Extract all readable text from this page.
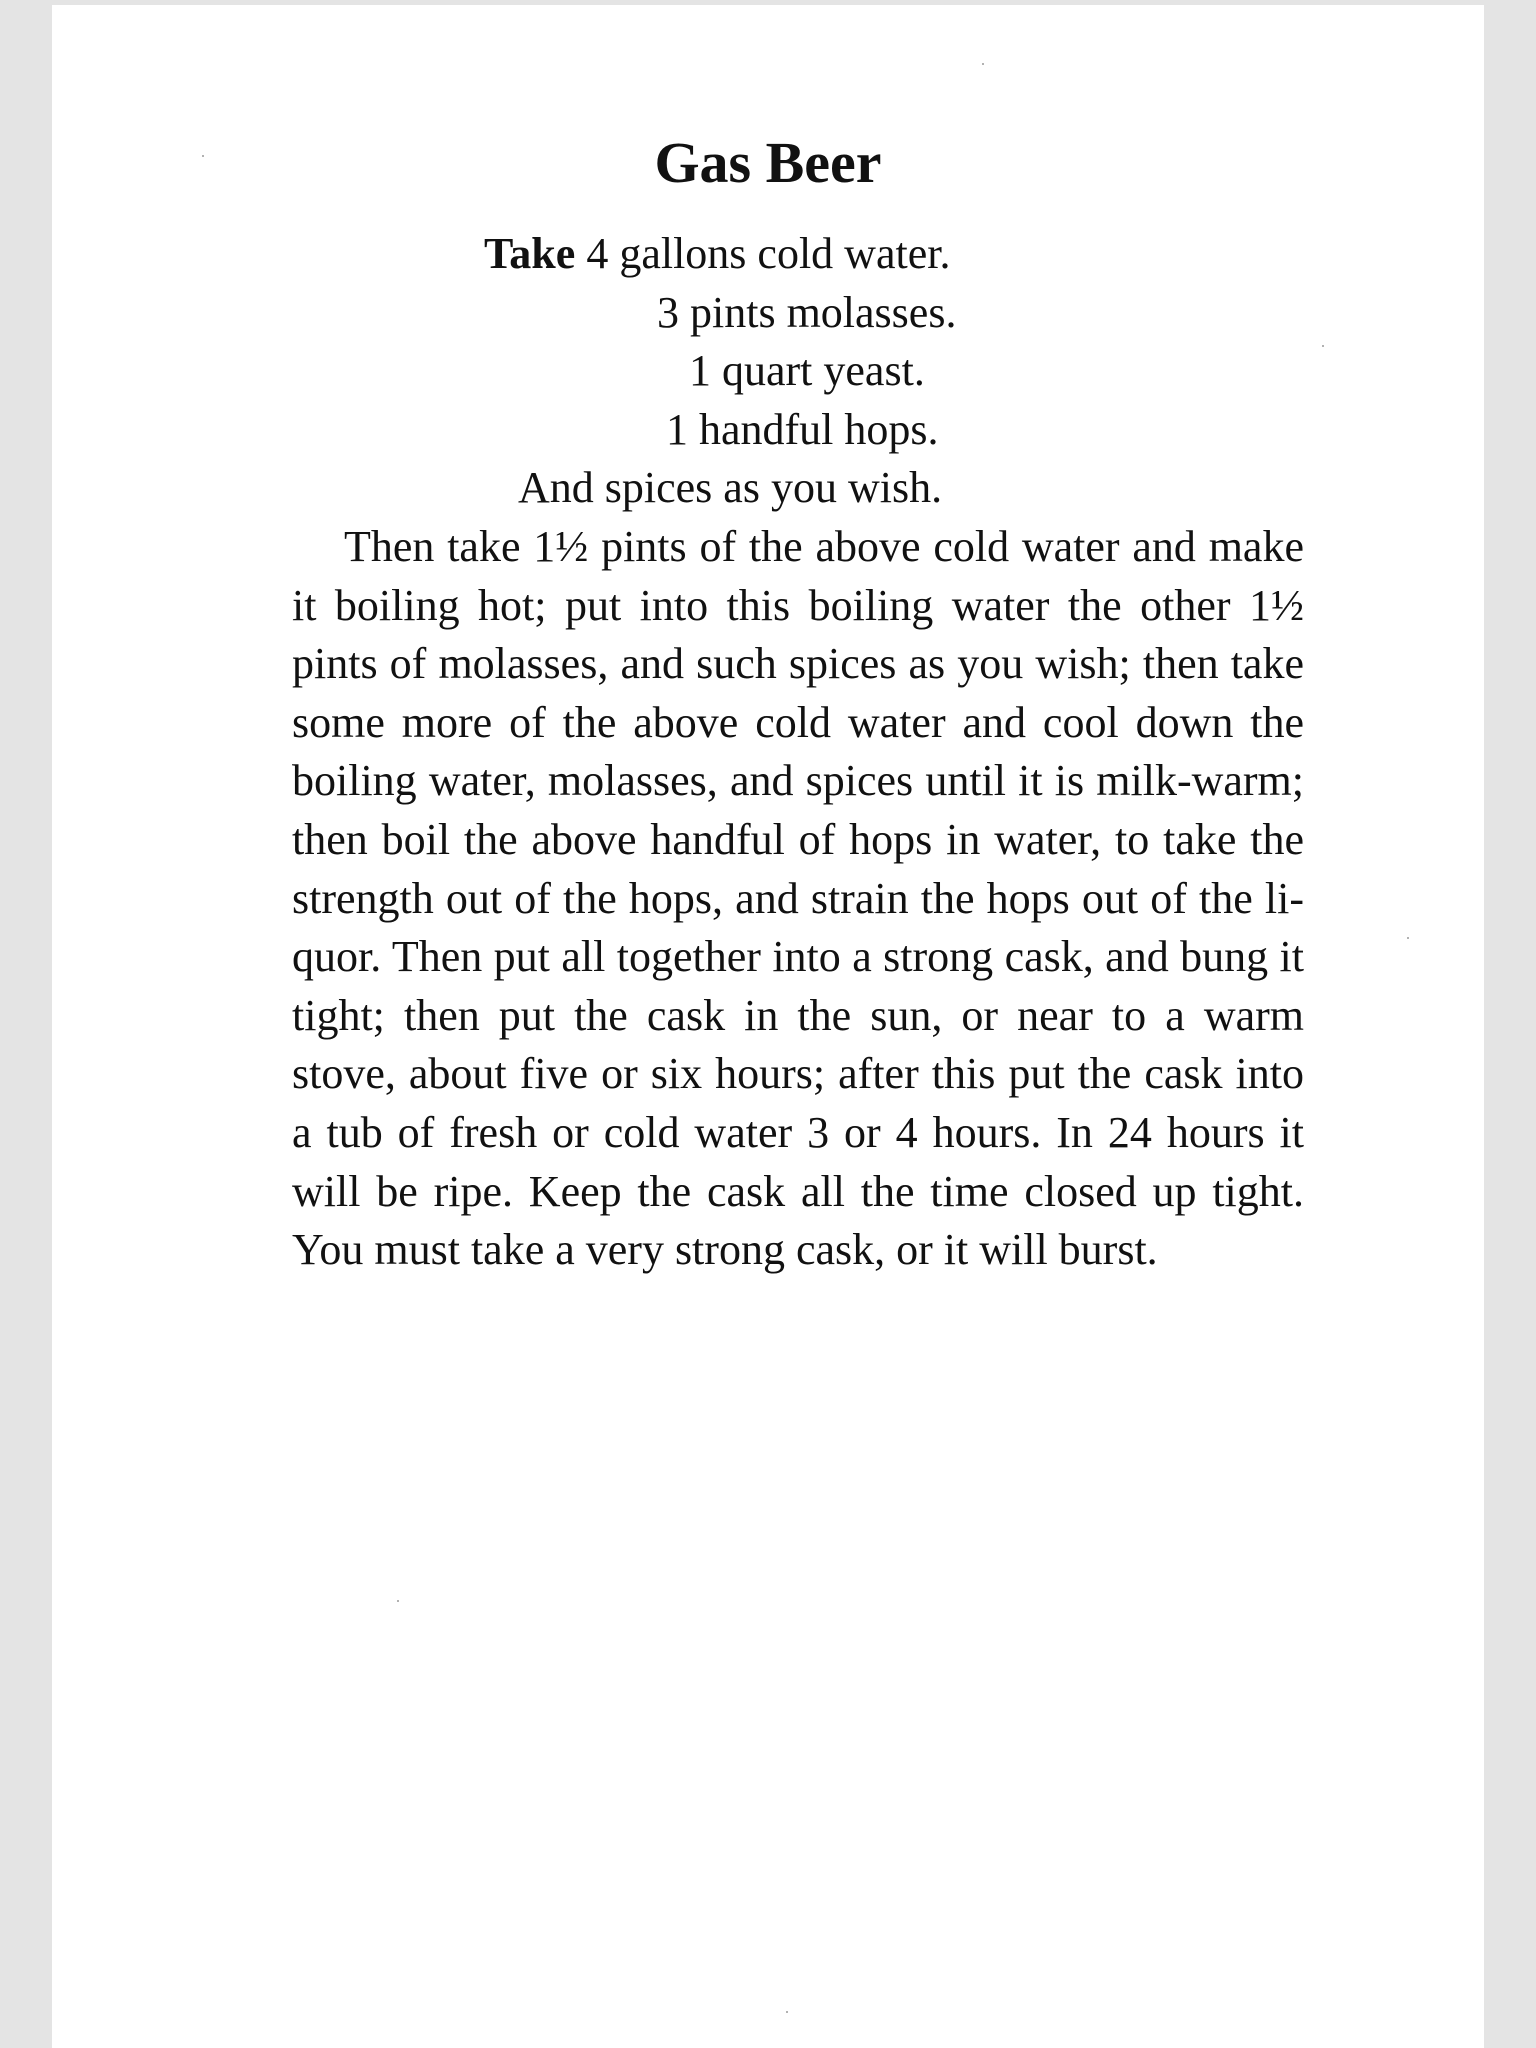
Gas Beer
Take 4 gallons cold water.
3 pints molasses.
1 quart yeast.
1 handful hops.
And spices as you wish.

Then take 1½ pints of the above cold water and make it boiling hot; put into this boiling water the other 1½ pints of molasses, and such spices as you wish; then take some more of the above cold water and cool down the boiling water, molasses, and spices until it is milk-warm; then boil the above handful of hops in water, to take the strength out of the hops, and strain the hops out of the liquor. Then put all together into a strong cask, and bung it tight; then put the cask in the sun, or near to a warm stove, about five or six hours; after this put the cask into a tub of fresh or cold water 3 or 4 hours. In 24 hours it will be ripe. Keep the cask all the time closed up tight. You must take a very strong cask, or it will burst.
